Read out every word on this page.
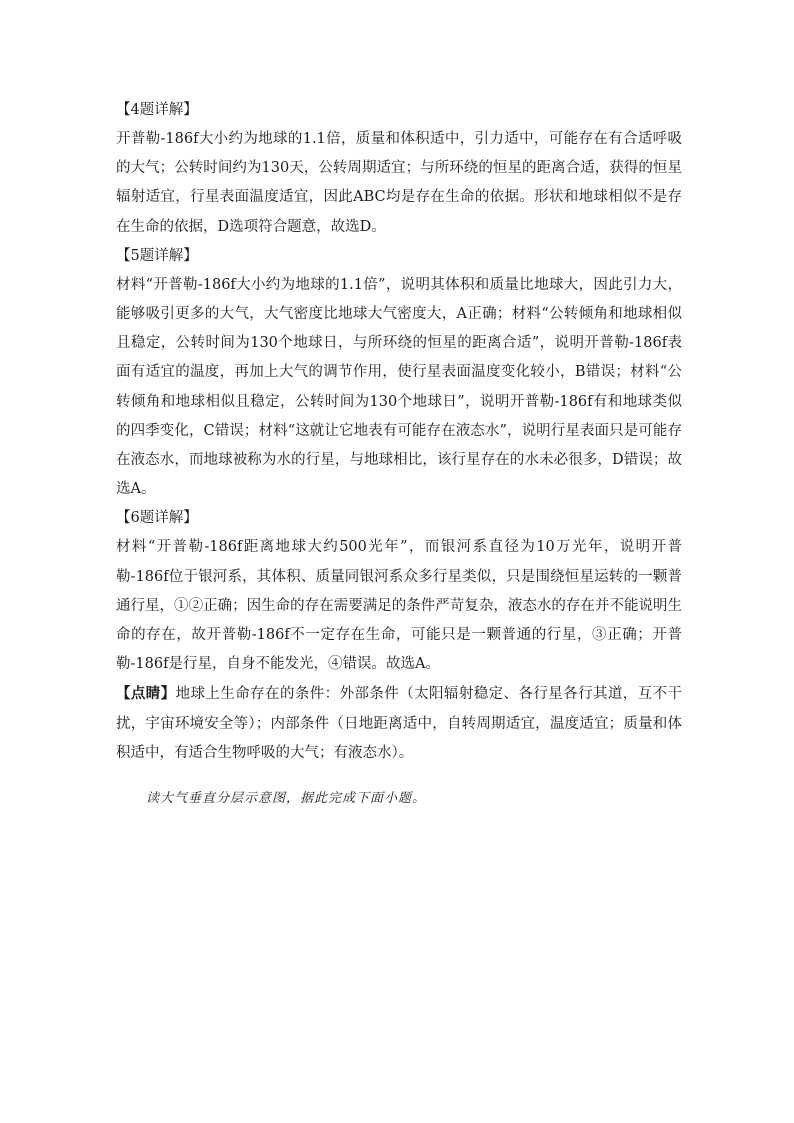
【4题详解】

开普勒-186f大小约为地球的1.1倍，质量和体积适中，引力适中，可能存在有合适呼吸的大气；公转时间约为130天，公转周期适宜；与所环绕的恒星的距离合适，获得的恒星辐射适宜，行星表面温度适宜，因此ABC均是存在生命的依据。形状和地球相似不是存在生命的依据，D选项符合题意，故选D。

【5题详解】

材料“开普勒-186f大小约为地球的1.1倍”，说明其体积和质量比地球大，因此引力大，能够吸引更多的大气，大气密度比地球大气密度大，A正确；材料“公转倾角和地球相似且稳定，公转时间为130个地球日，与所环绕的恒星的距离合适”，说明开普勒-186f表面有适宜的温度，再加上大气的调节作用，使行星表面温度变化较小，B错误；材料“公转倾角和地球相似且稳定，公转时间为130个地球日”，说明开普勒-186f有和地球类似的四季变化，C错误；材料“这就让它地表有可能存在液态水”，说明行星表面只是可能存在液态水，而地球被称为水的行星，与地球相比，该行星存在的水未必很多，D错误；故选A。

【6题详解】

材料“开普勒-186f距离地球大约500光年”，而银河系直径为10万光年，说明开普勒-186f位于银河系，其体积、质量同银河系众多行星类似，只是围绕恒星运转的一颗普通行星，①②正确；因生命的存在需要满足的条件严苛复杂，液态水的存在并不能说明生命的存在，故开普勒-186f不一定存在生命，可能只是一颗普通的行星，③正确；开普勒-186f是行星，自身不能发光，④错误。故选A。

【点睛】地球上生命存在的条件：外部条件（太阳辐射稳定、各行星各行其道，互不干扰，宇宙环境安全等）；内部条件（日地距离适中，自转周期适宜，温度适宜；质量和体积适中，有适合生物呼吸的大气；有液态水）。

读大气垂直分层示意图，据此完成下面小题。
